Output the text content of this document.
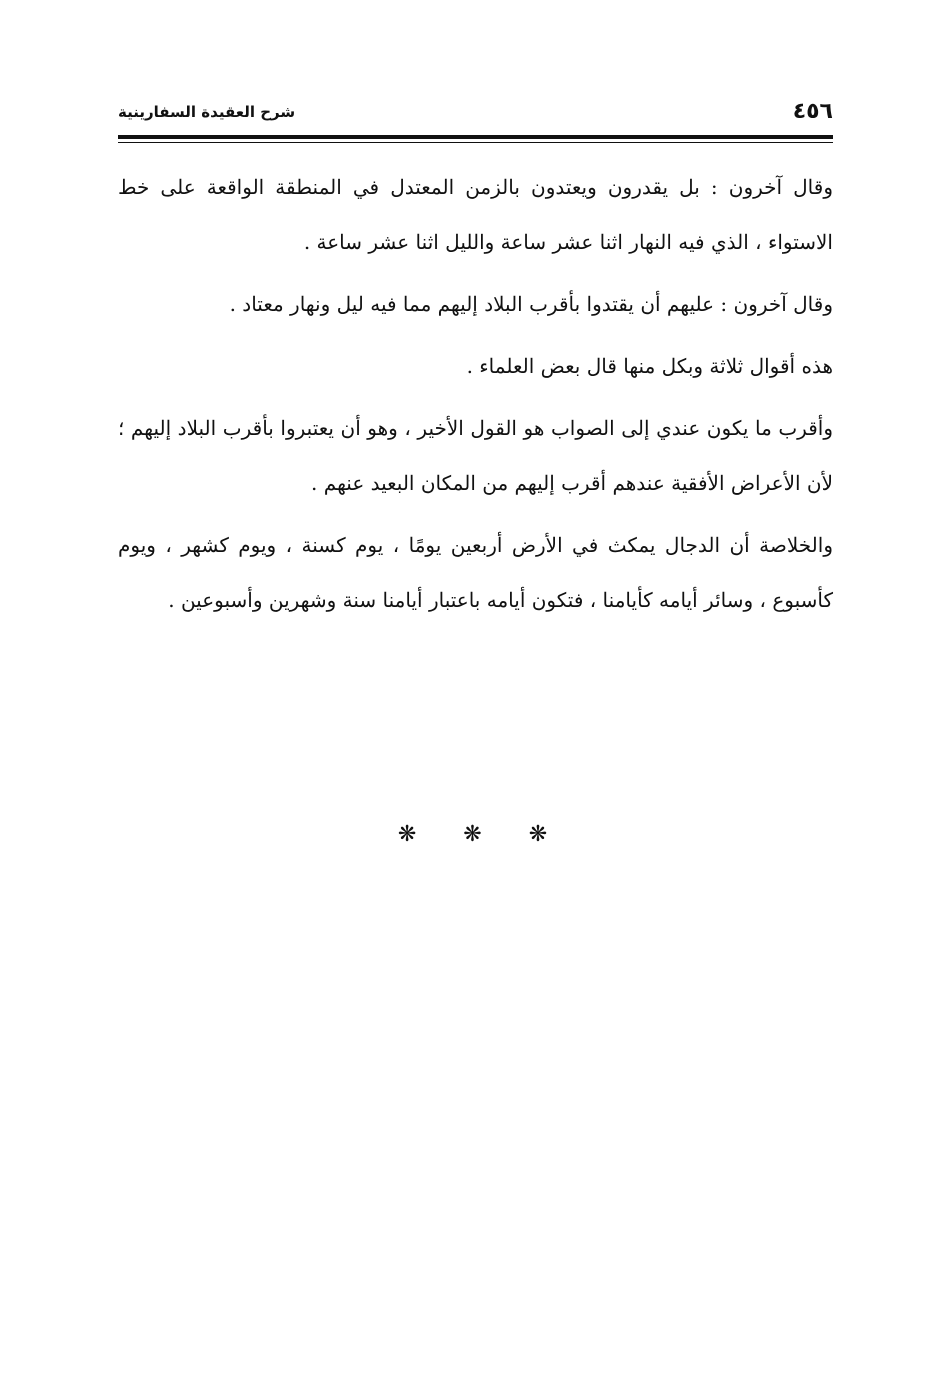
٤٥٦
شرح العقيدة السفارينية

وقال آخرون : بل يقدرون ويعتدون بالزمن المعتدل في المنطقة الواقعة على خط الاستواء ، الذي فيه النهار اثنا عشر ساعة والليل اثنا عشر ساعة .

وقال آخرون : عليهم أن يقتدوا بأقرب البلاد إليهم مما فيه ليل ونهار معتاد .

هذه أقوال ثلاثة وبكل منها قال بعض العلماء .

وأقرب ما يكون عندي إلى الصواب هو القول الأخير ، وهو أن يعتبروا بأقرب البلاد إليهم ؛ لأن الأعراض الأفقية عندهم أقرب إليهم من المكان البعيد عنهم .

والخلاصة أن الدجال يمكث في الأرض أربعين يومًا ، يوم كسنة ، ويوم كشهر ، ويوم كأسبوع ، وسائر أيامه كأيامنا ، فتكون أيامه باعتبار أيامنا سنة وشهرين وأسبوعين .

❋ ❋ ❋
